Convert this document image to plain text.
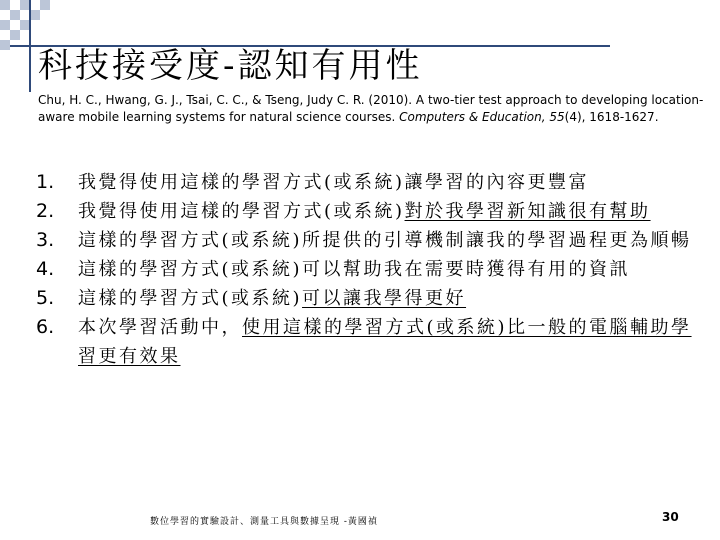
科技接受度-認知有用性
Chu, H. C., Hwang, G. J., Tsai, C. C., & Tseng, Judy C. R. (2010). A two-tier test approach to developing location-aware mobile learning systems for natural science courses. Computers & Education, 55(4), 1618-1627.
1. 我覺得使用這樣的學習方式(或系統)讓學習的內容更豐富
2. 我覺得使用這樣的學習方式(或系統)對於我學習新知識很有幫助
3. 這樣的學習方式(或系統)所提供的引導機制讓我的學習過程更為順暢
4. 這樣的學習方式(或系統)可以幫助我在需要時獲得有用的資訊
5. 這樣的學習方式(或系統)可以讓我學得更好
6. 本次學習活動中，使用這樣的學習方式(或系統)比一般的電腦輔助學習更有效果
數位學習的實驗設計、測量工具與數據呈現 -黃國禎	30
